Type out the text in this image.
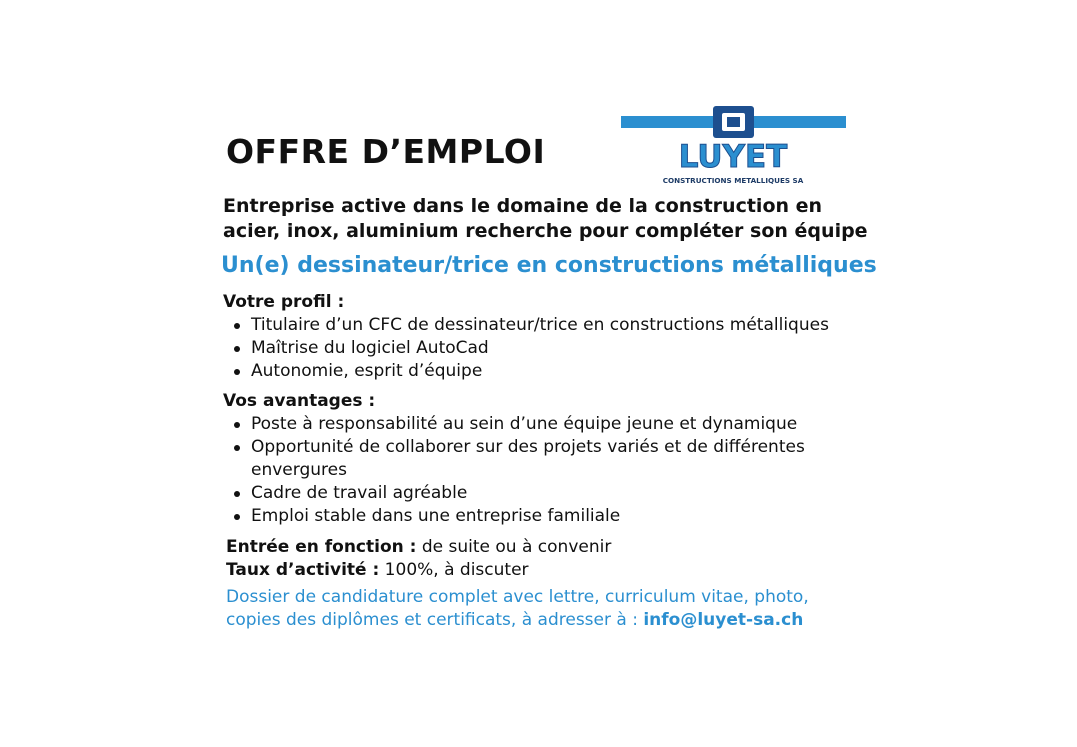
OFFRE D’EMPLOI	LUYET
CONSTRUCTIONS METALLIQUES SA
Entreprise active dans le domaine de la construction en
acier, inox, aluminium recherche pour compléter son équipe
Un(e) dessinateur/trice en constructions métalliques
Votre profil :
Titulaire d’un CFC de dessinateur/trice en constructions métalliques
Maîtrise du logiciel AutoCad
Autonomie, esprit d’équipe
Vos avantages :
Poste à responsabilité au sein d’une équipe jeune et dynamique
Opportunité de collaborer sur des projets variés et de différentes envergures
Cadre de travail agréable
Emploi stable dans une entreprise familiale
Entrée en fonction : de suite ou à convenir
Taux d’activité : 100%, à discuter
Dossier de candidature complet avec lettre, curriculum vitae, photo,
copies des diplômes et certificats, à adresser à : info@luyet-sa.ch
